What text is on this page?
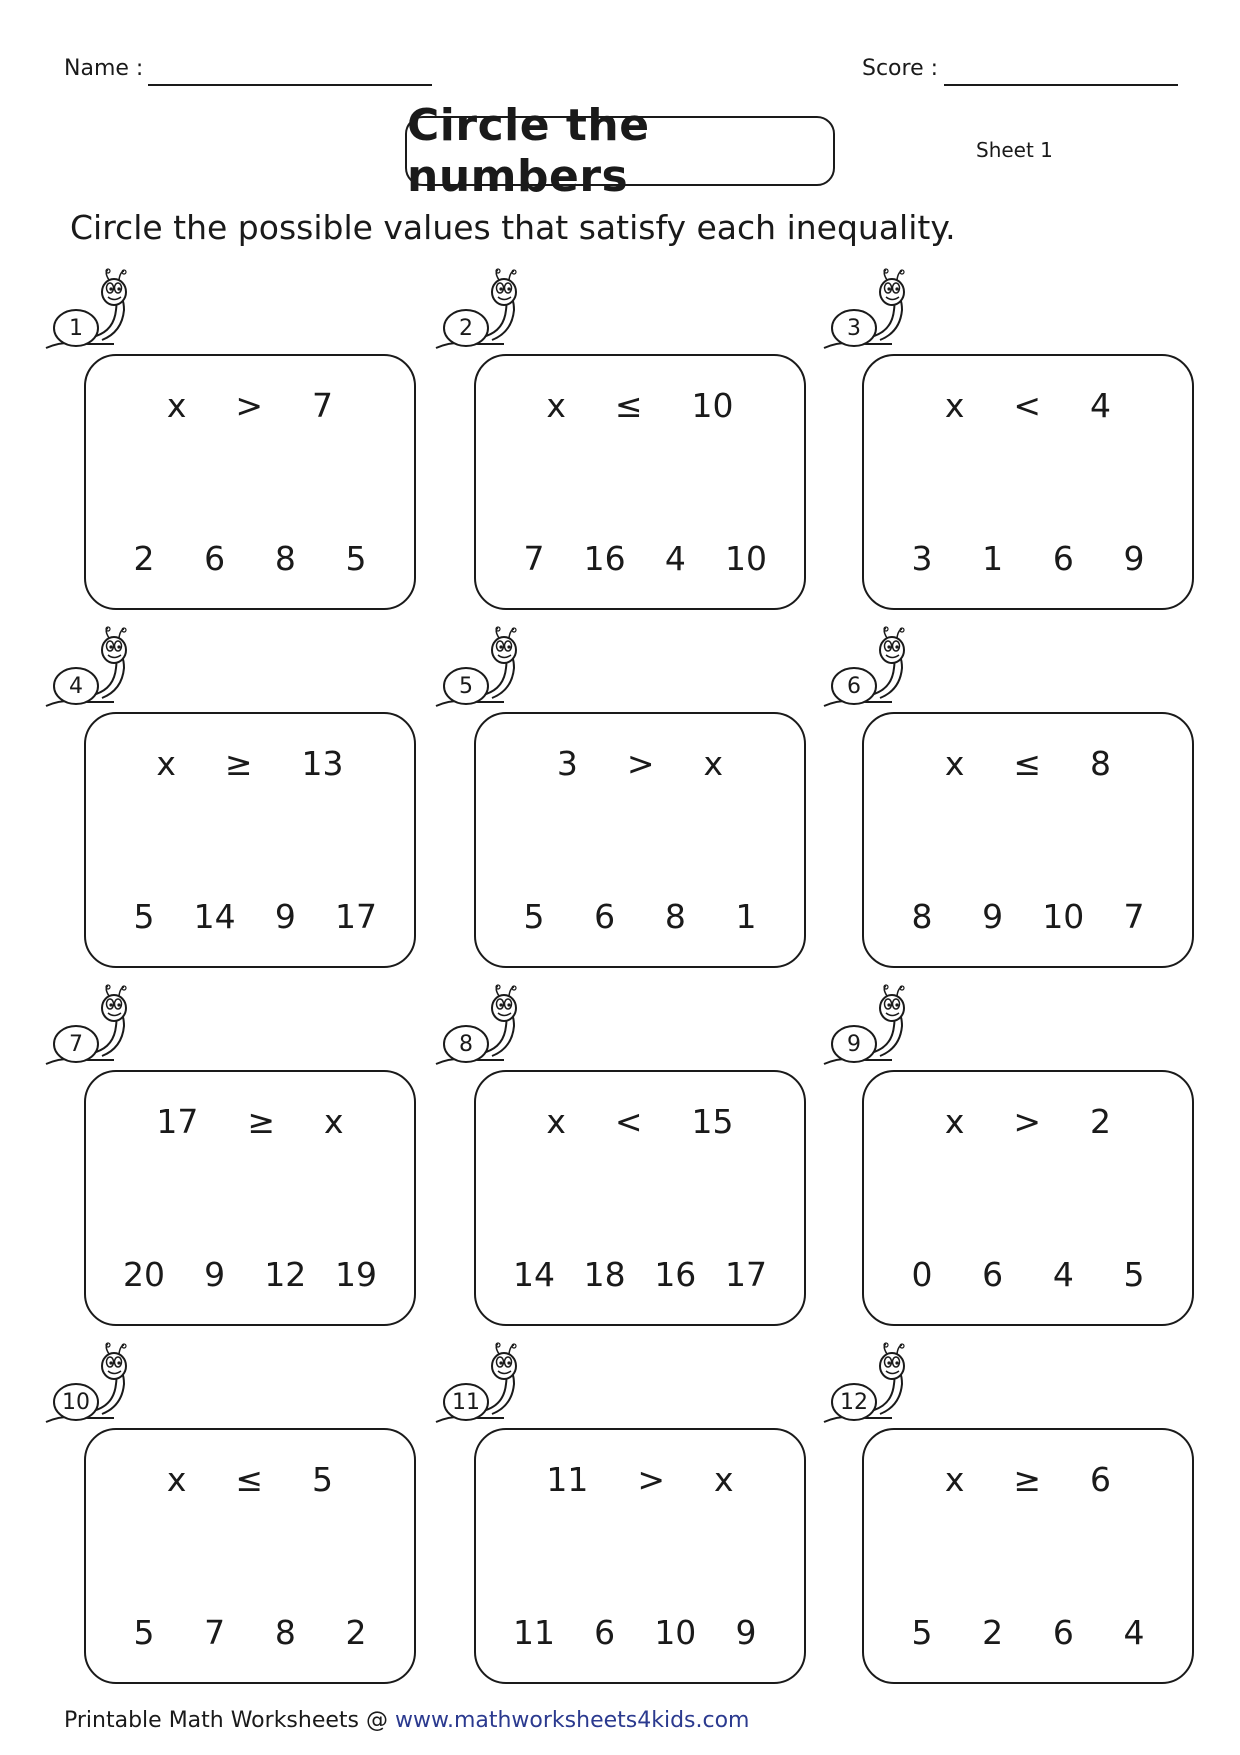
Name :	Score :
Circle the numbers
Sheet 1
Circle the possible values that satisfy each inequality.
1
x  >  7
2	6	8	5
2
x  ≤  10
7	16	4	10
3
x  <  4
3	1	6	9
4
x  ≥  13
5	14	9	17
5
3  >  x
5	6	8	1
6
x  ≤  8
8	9	10	7
7
17  ≥  x
20	9	12 19
8
x  <  15
14 18 16 17
9
x  >  2
0	6	4	5
10
x  ≤  5
5	7	8	2
11
11  >  x
11	6	10	9
12
x  ≥  6
5	2	6	4
Printable Math Worksheets @ www.mathworksheets4kids.com
